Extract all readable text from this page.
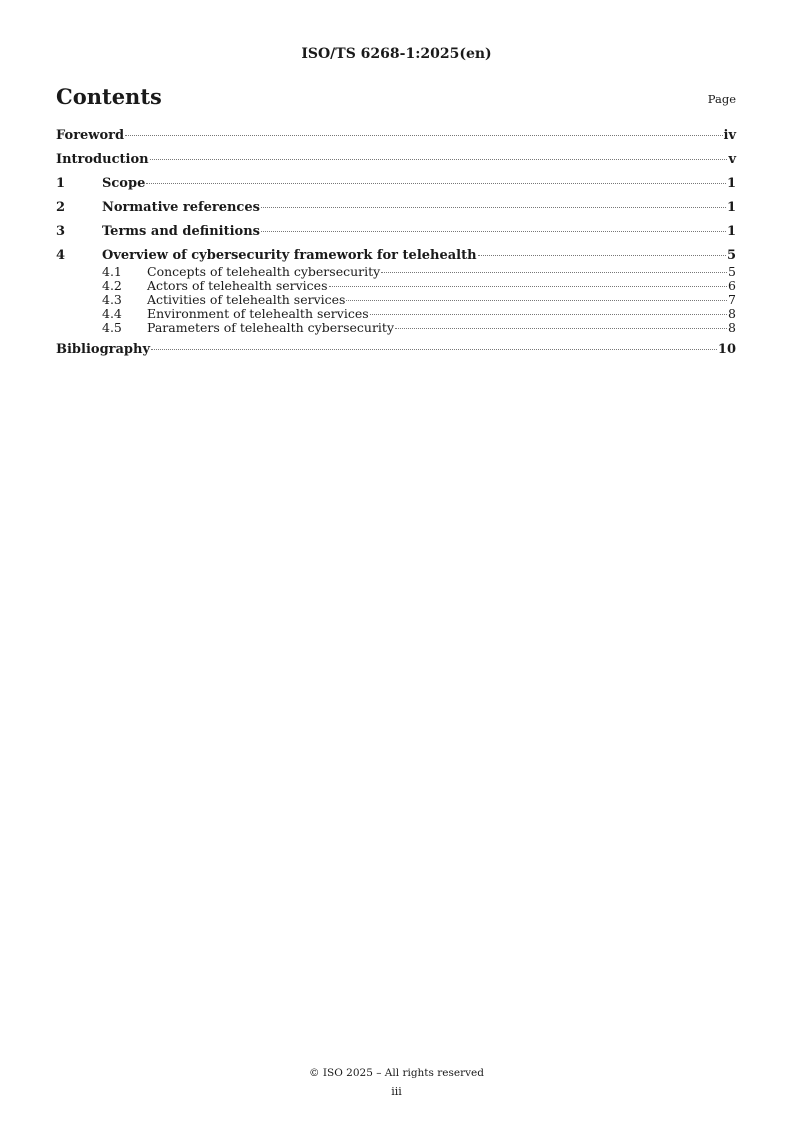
ISO/TS 6268-1:2025(en)
Contents	Page
Foreword	iv
Introduction	v
1	Scope	1
2	Normative references	1
3	Terms and definitions	1
4	Overview of cybersecurity framework for telehealth	5
4.1	Concepts of telehealth cybersecurity	5
4.2	Actors of telehealth services	6
4.3	Activities of telehealth services	7
4.4	Environment of telehealth services	8
4.5	Parameters of telehealth cybersecurity	8
Bibliography	10
© ISO 2025 – All rights reserved
iii
